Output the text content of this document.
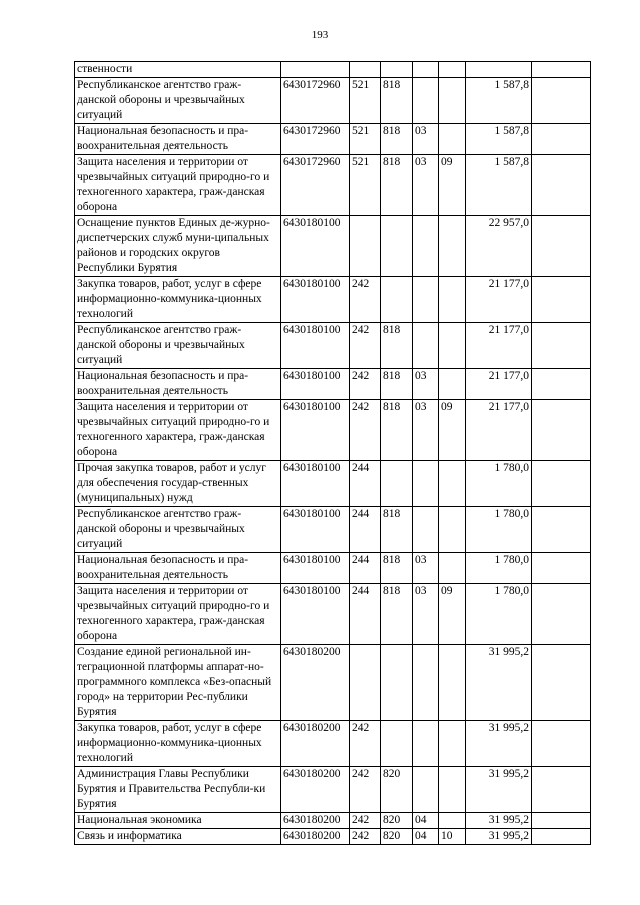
193
ственности							
Республиканское агентство граж-данской обороны и чрезвычайных ситуаций	6430172960	521	818			1 587,8	
Национальная безопасность и пра-воохранительная деятельность	6430172960	521	818	03		1 587,8	
Защита населения и территории от чрезвычайных ситуаций природно-го и техногенного характера, граж-данская оборона	6430172960	521	818	03	09	1 587,8	
Оснащение пунктов Единых де-журно-диспетчерских служб муни-ципальных районов и городских округов Республики Бурятия	6430180100					22 957,0	
Закупка товаров, работ, услуг в сфере информационно-коммуника-ционных технологий	6430180100	242				21 177,0	
Республиканское агентство граж-данской обороны и чрезвычайных ситуаций	6430180100	242	818			21 177,0	
Национальная безопасность и пра-воохранительная деятельность	6430180100	242	818	03		21 177,0	
Защита населения и территории от чрезвычайных ситуаций природно-го и техногенного характера, граж-данская оборона	6430180100	242	818	03	09	21 177,0	
Прочая закупка товаров, работ и услуг для обеспечения государ-ственных (муниципальных) нужд	6430180100	244				1 780,0	
Республиканское агентство граж-данской обороны и чрезвычайных ситуаций	6430180100	244	818			1 780,0	
Национальная безопасность и пра-воохранительная деятельность	6430180100	244	818	03		1 780,0	
Защита населения и территории от чрезвычайных ситуаций природно-го и техногенного характера, граж-данская оборона	6430180100	244	818	03	09	1 780,0	
Создание единой региональной ин-теграционной платформы аппарат-но-программного комплекса «Без-опасный город» на территории Рес-публики Бурятия	6430180200					31 995,2	
Закупка товаров, работ, услуг в сфере информационно-коммуника-ционных технологий	6430180200	242				31 995,2	
Администрация Главы Республики Бурятия и Правительства Республи-ки Бурятия	6430180200	242	820			31 995,2	
Национальная экономика	6430180200	242	820	04		31 995,2	
Связь и информатика	6430180200	242	820	04	10	31 995,2	
